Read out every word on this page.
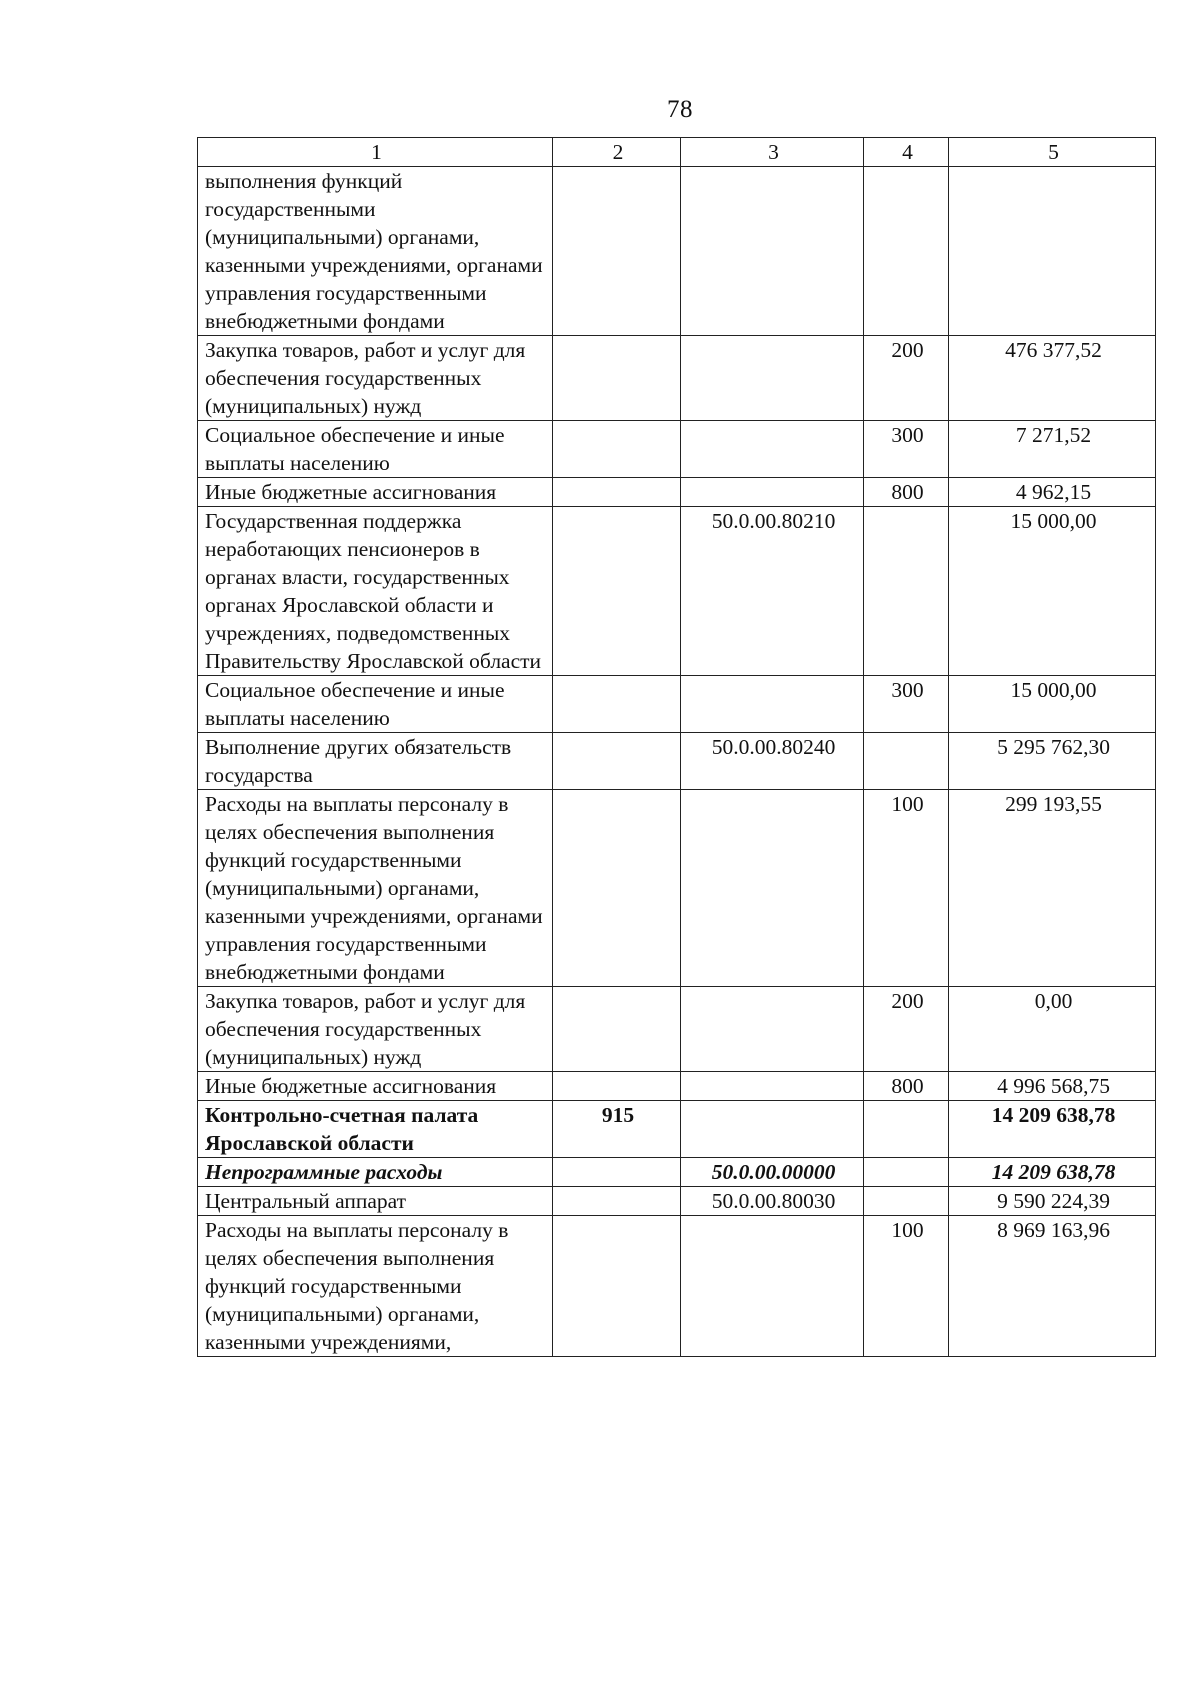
78
1	2	3	4	5
выполнения функций государственными (муниципальными) органами, казенными учреждениями, органами управления государственными внебюджетными фондами				
Закупка товаров, работ и услуг для обеспечения государственных (муниципальных) нужд			200	476 377,52
Социальное обеспечение и иные выплаты населению			300	7 271,52
Иные бюджетные ассигнования			800	4 962,15
Государственная поддержка неработающих пенсионеров в органах власти, государственных органах Ярославской области и учреждениях, подведомственных Правительству Ярославской области		50.0.00.80210		15 000,00
Социальное обеспечение и иные выплаты населению			300	15 000,00
Выполнение других обязательств государства		50.0.00.80240		5 295 762,30
Расходы на выплаты персоналу в целях обеспечения выполнения функций государственными (муниципальными) органами, казенными учреждениями, органами управления государственными внебюджетными фондами			100	299 193,55
Закупка товаров, работ и услуг для обеспечения государственных (муниципальных) нужд			200	0,00
Иные бюджетные ассигнования			800	4 996 568,75
Контрольно-счетная палата Ярославской области	915			14 209 638,78
Непрограммные расходы		50.0.00.00000		14 209 638,78
Центральный аппарат		50.0.00.80030		9 590 224,39
Расходы на выплаты персоналу в целях обеспечения выполнения функций государственными (муниципальными) органами, казенными учреждениями,			100	8 969 163,96
